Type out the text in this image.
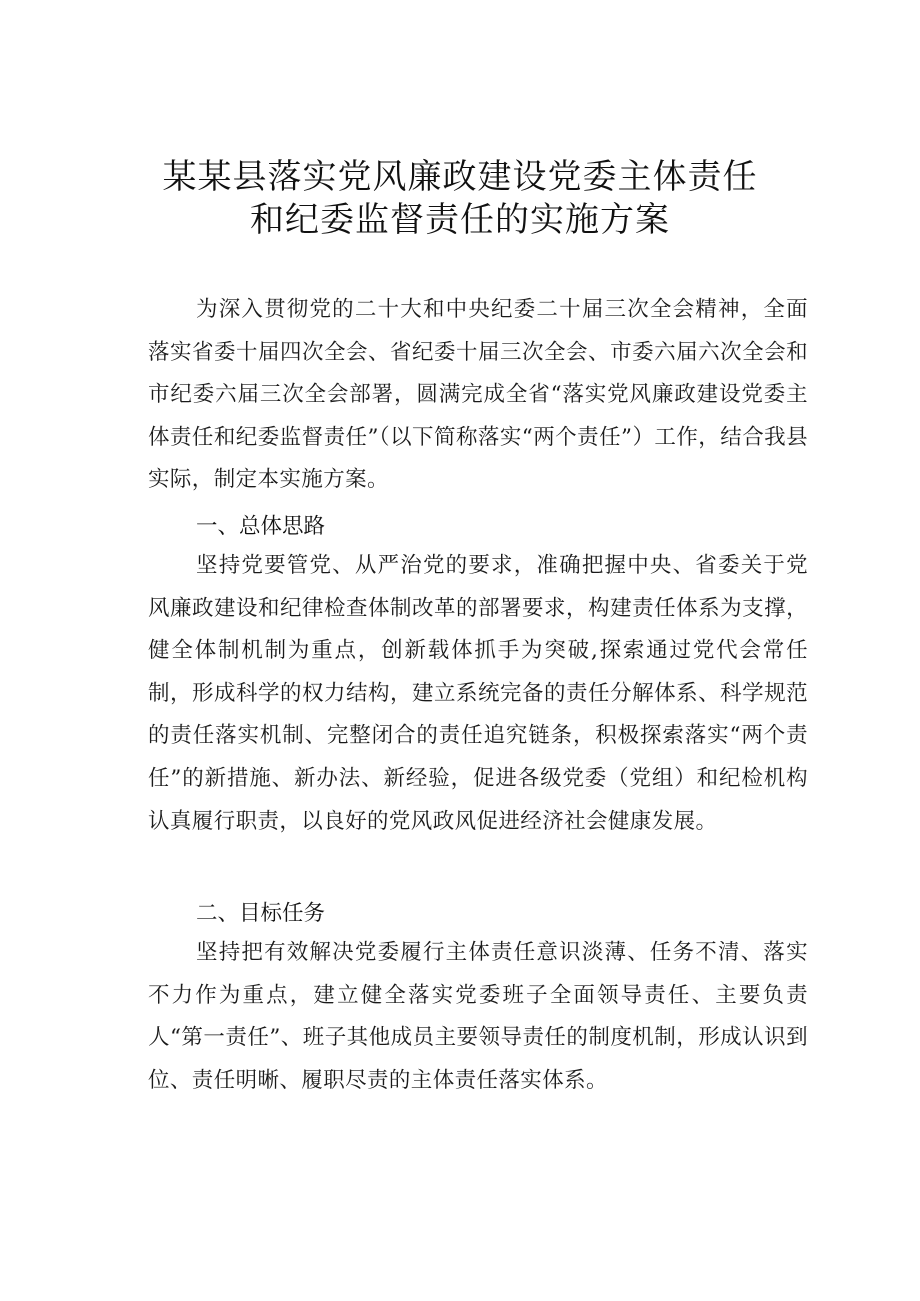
某某县落实党风廉政建设党委主体责任
和纪委监督责任的实施方案

为深入贯彻党的二十大和中央纪委二十届三次全会精神，全面落实省委十届四次全会、省纪委十届三次全会、市委六届六次全会和市纪委六届三次全会部署，圆满完成全省“落实党风廉政建设党委主体责任和纪委监督责任”（以下简称落实“两个责任”）工作，结合我县实际，制定本实施方案。

一、总体思路

坚持党要管党、从严治党的要求，准确把握中央、省委关于党风廉政建设和纪律检查体制改革的部署要求，构建责任体系为支撑，健全体制机制为重点，创新载体抓手为突破,探索通过党代会常任制，形成科学的权力结构，建立系统完备的责任分解体系、科学规范的责任落实机制、完整闭合的责任追究链条，积极探索落实“两个责任”的新措施、新办法、新经验，促进各级党委（党组）和纪检机构认真履行职责，以良好的党风政风促进经济社会健康发展。

二、目标任务

坚持把有效解决党委履行主体责任意识淡薄、任务不清、落实不力作为重点，建立健全落实党委班子全面领导责任、主要负责人“第一责任”、班子其他成员主要领导责任的制度机制，形成认识到位、责任明晰、履职尽责的主体责任落实体系。
